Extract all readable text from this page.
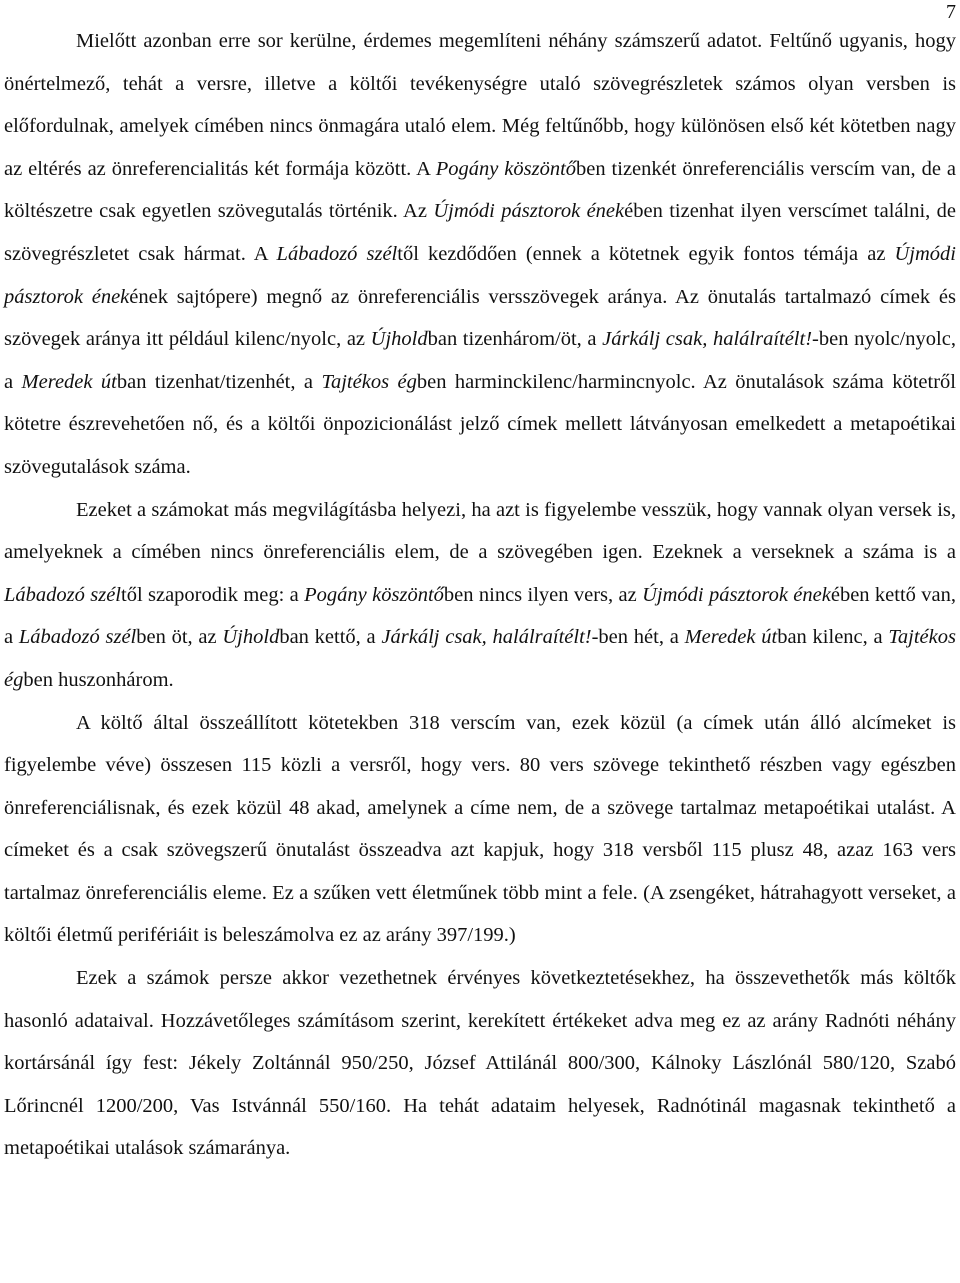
7

Mielőtt azonban erre sor kerülne, érdemes megemlíteni néhány számszerű adatot. Feltűnő ugyanis, hogy önértelmező, tehát a versre, illetve a költői tevékenységre utaló szövegrészletek számos olyan versben is előfordulnak, amelyek címében nincs önmagára utaló elem. Még feltűnőbb, hogy különösen első két kötetben nagy az eltérés az önreferencialitás két formája között. A Pogány köszöntőben tizenkét önreferenciális verscím van, de a költészetre csak egyetlen szövegutalás történik. Az Újmódi pásztorok énekében tizenhat ilyen verscímet találni, de szövegrészletet csak hármat. A Lábadozó széltől kezdődően (ennek a kötetnek egyik fontos témája az Újmódi pásztorok énekének sajtópere) megnő az önreferenciális versszövegek aránya. Az önutalás tartalmazó címek és szövegek aránya itt például kilenc/nyolc, az Újholdban tizenhárom/öt, a Járkálj csak, halálraítélt!-ben nyolc/nyolc, a Meredek útban tizenhat/tizenhét, a Tajtékos égben harminckilenc/harmincnyolc. Az önutalások száma kötetről kötetre észrevehetően nő, és a költői önpozicionálást jelző címek mellett látványosan emelkedett a metapoétikai szövegutalások száma.

Ezeket a számokat más megvilágításba helyezi, ha azt is figyelembe vesszük, hogy vannak olyan versek is, amelyeknek a címében nincs önreferenciális elem, de a szövegében igen. Ezeknek a verseknek a száma is a Lábadozó széltől szaporodik meg: a Pogány köszöntőben nincs ilyen vers, az Újmódi pásztorok énekében kettő van, a Lábadozó szélben öt, az Újholdban kettő, a Járkálj csak, halálraítélt!-ben hét, a Meredek útban kilenc, a Tajtékos égben huszonhárom.

A költő által összeállított kötetekben 318 verscím van, ezek közül (a címek után álló alcímeket is figyelembe véve) összesen 115 közli a versről, hogy vers. 80 vers szövege tekinthető részben vagy egészben önreferenciálisnak, és ezek közül 48 akad, amelynek a címe nem, de a szövege tartalmaz metapoétikai utalást. A címeket és a csak szövegszerű önutalást összeadva azt kapjuk, hogy 318 versből 115 plusz 48, azaz 163 vers tartalmaz önreferenciális eleme. Ez a szűken vett életműnek több mint a fele. (A zsengéket, hátrahagyott verseket, a költői életmű perifériáit is beleszámolva ez az arány 397/199.)

Ezek a számok persze akkor vezethetnek érvényes következtetésekhez, ha összevethetők más költők hasonló adataival. Hozzávetőleges számításom szerint, kerekített értékeket adva meg ez az arány Radnóti néhány kortársánál így fest: Jékely Zoltánnál 950/250, József Attilánál 800/300, Kálnoky Lászlónál 580/120, Szabó Lőrincnél 1200/200, Vas Istvánnál 550/160. Ha tehát adataim helyesek, Radnótinál magasnak tekinthető a metapoétikai utalások számaránya.
